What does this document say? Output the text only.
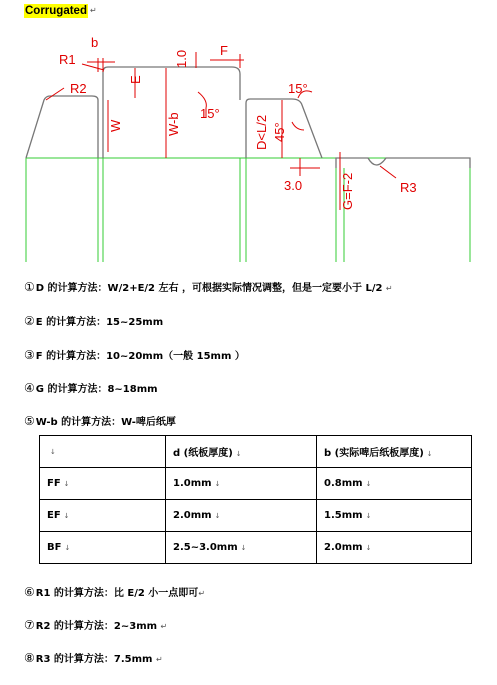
Corrugated ↵
b
R1
R2
E
1.0 F
W	W-b 15°
15°
D<L/2 45°
3.0	G=F-2	R3
①D 的计算方法：W/2+E/2 左右 ，可根据实际情况调整，但是一定要小于 L/2 ↵
②E 的计算方法：15~25mm
③F 的计算方法：10~20mm（一般 15mm ）
④G 的计算方法：8~18mm
⑤W-b 的计算方法：W-啤后纸厚
↓	d (纸板厚度) ↓	b (实际啤后纸板厚度) ↓
FF ↓	1.0mm ↓	0.8mm ↓
EF ↓	2.0mm ↓	1.5mm ↓
BF ↓	2.5~3.0mm ↓	2.0mm ↓
⑥R1 的计算方法：比 E/2 小一点即可↵
⑦R2 的计算方法：2~3mm ↵
⑧R3 的计算方法：7.5mm ↵
